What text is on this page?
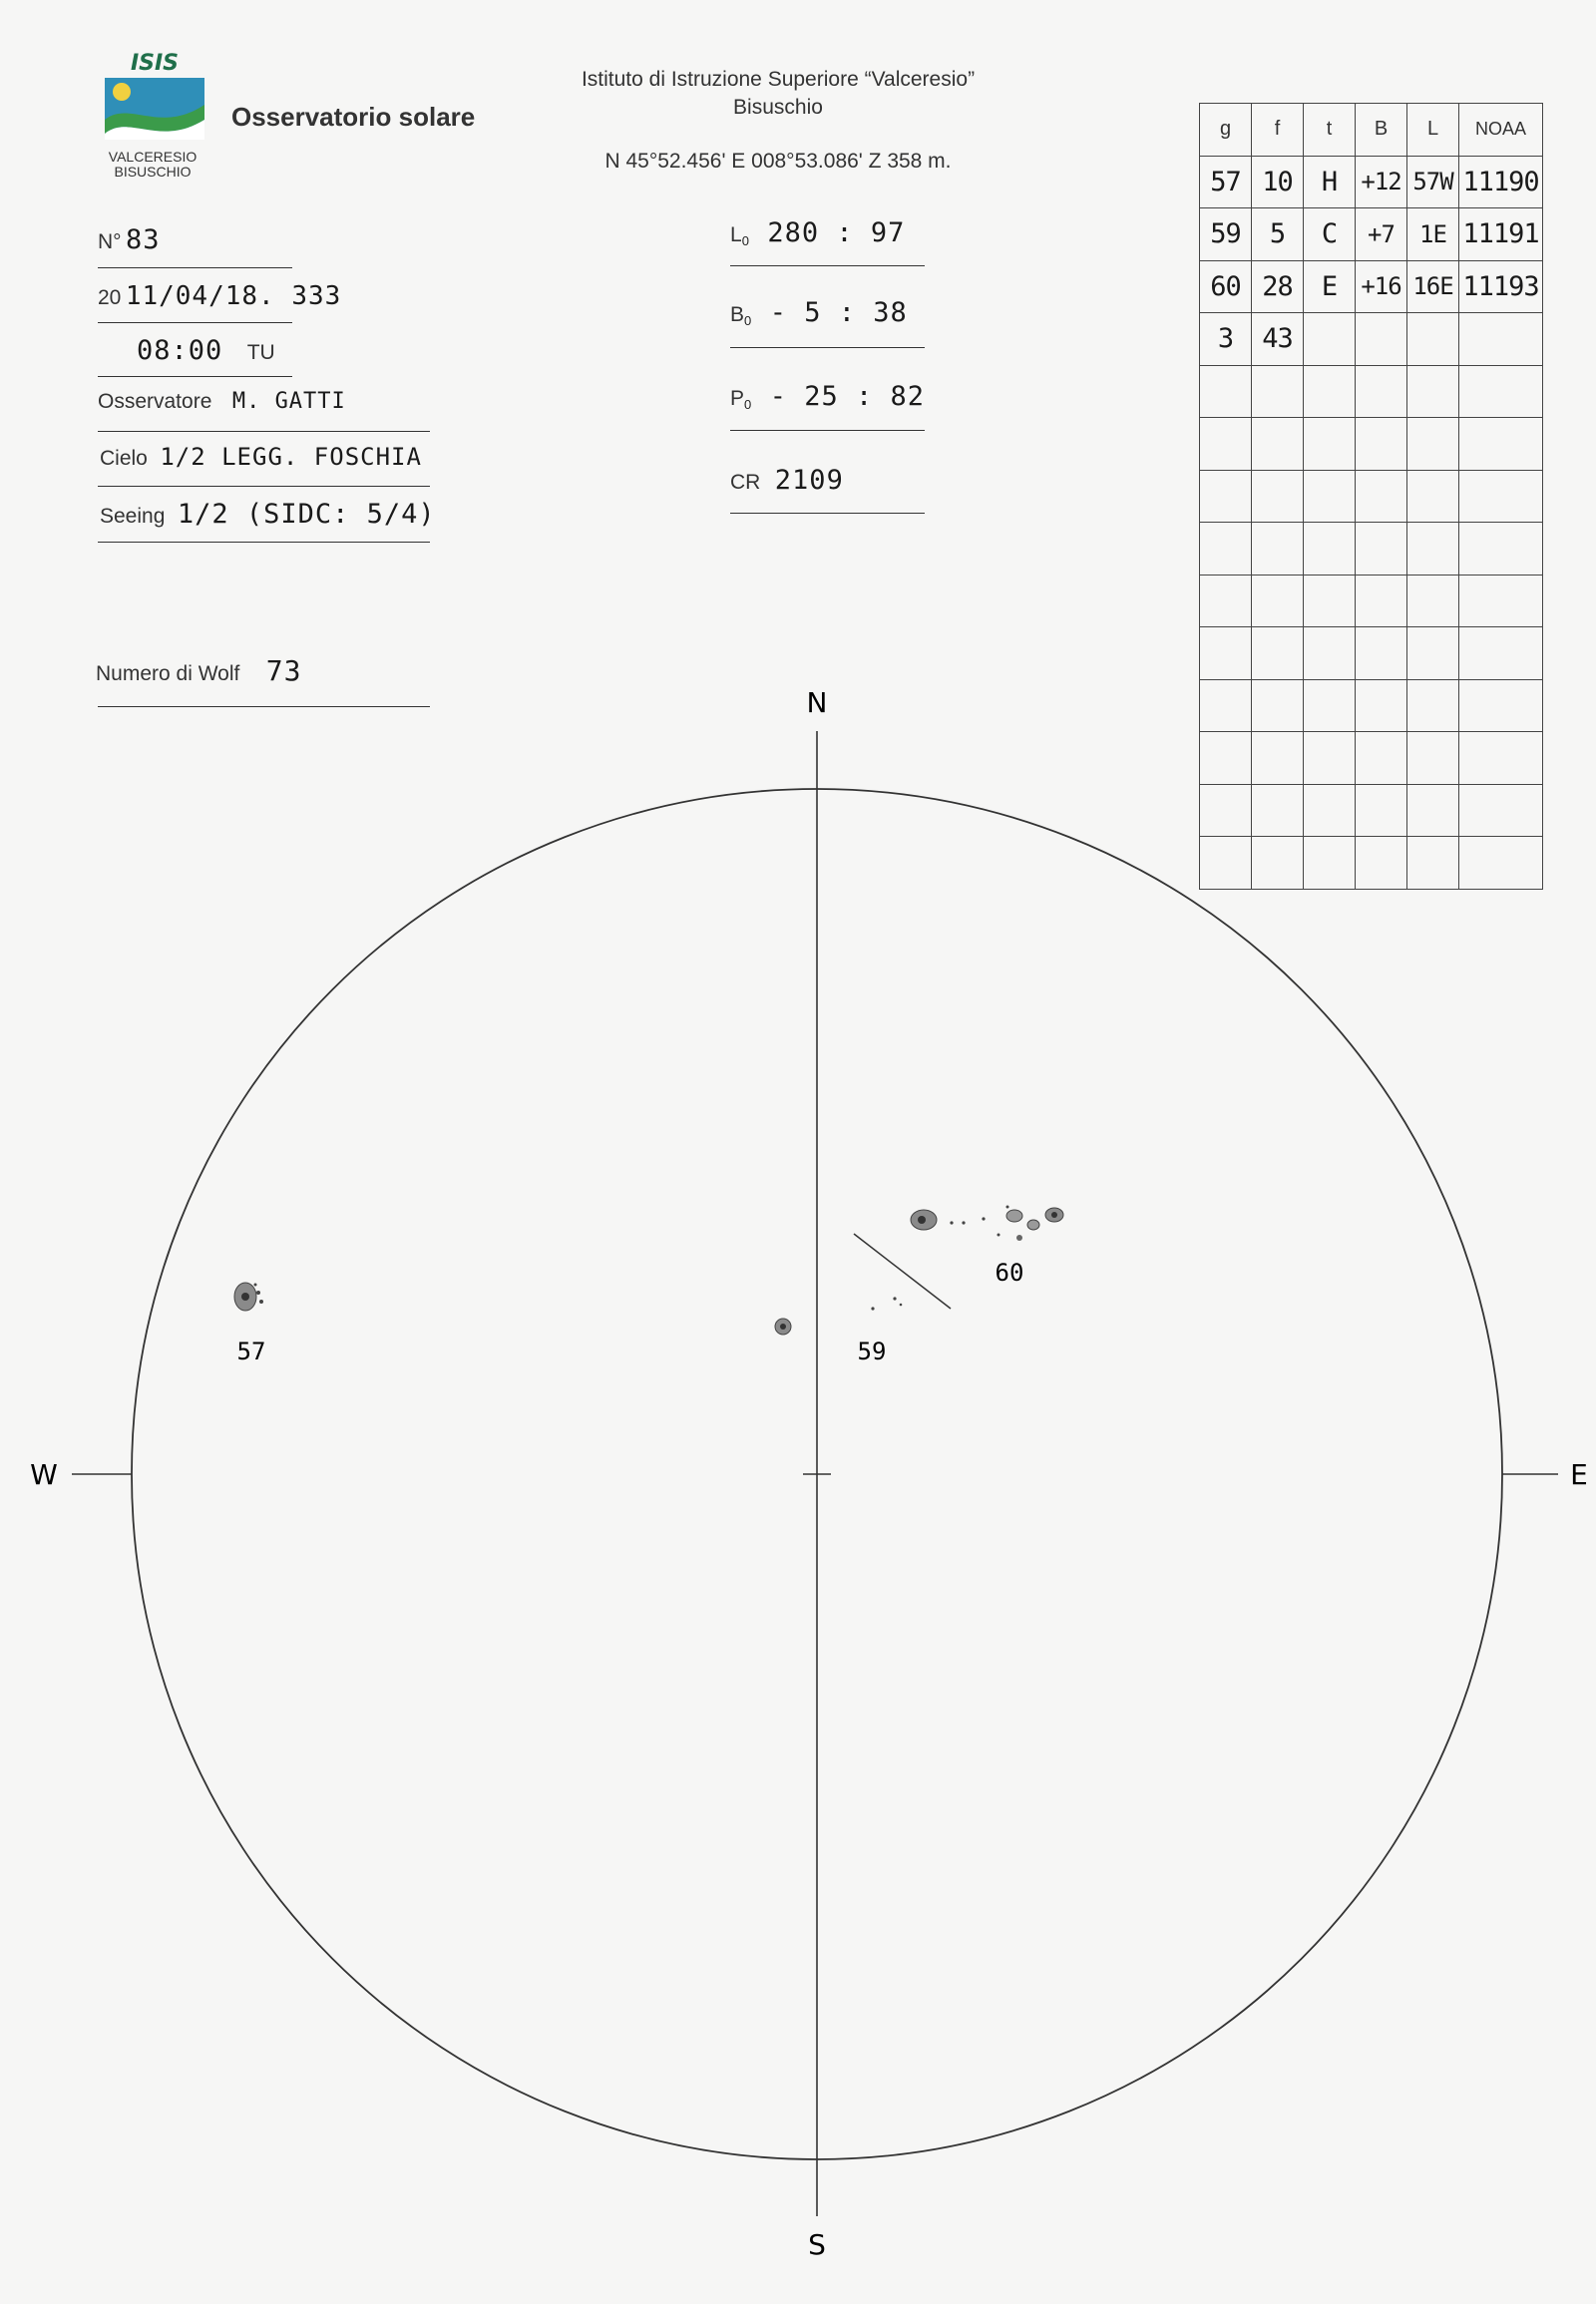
ISIS
VALCERESIO
BISUSCHIO
Osservatorio solare
Istituto di Istruzione Superiore “Valceresio”
Bisuschio
N 45°52.456' E 008°53.086' Z 358 m.
N° 83
20 11/04/18. 333
08:00 TU
Osservatore M. GATTI
Cielo 1/2 LEGG. FOSCHIA
Seeing 1/2 (SIDC: 5/4)
Numero di Wolf 73
$L_0$ 280 : 97
$B_0 - 5$ : 38
$P_0 - 25$ : 82
CR 2109
g	f	t	B	L	NOAA
57	10	H	+12	57W	11190
59	5	C	+7	1E	11191
60	28	E	+16	16E	11193
3	43				

N
S
W	E
57	59
60
